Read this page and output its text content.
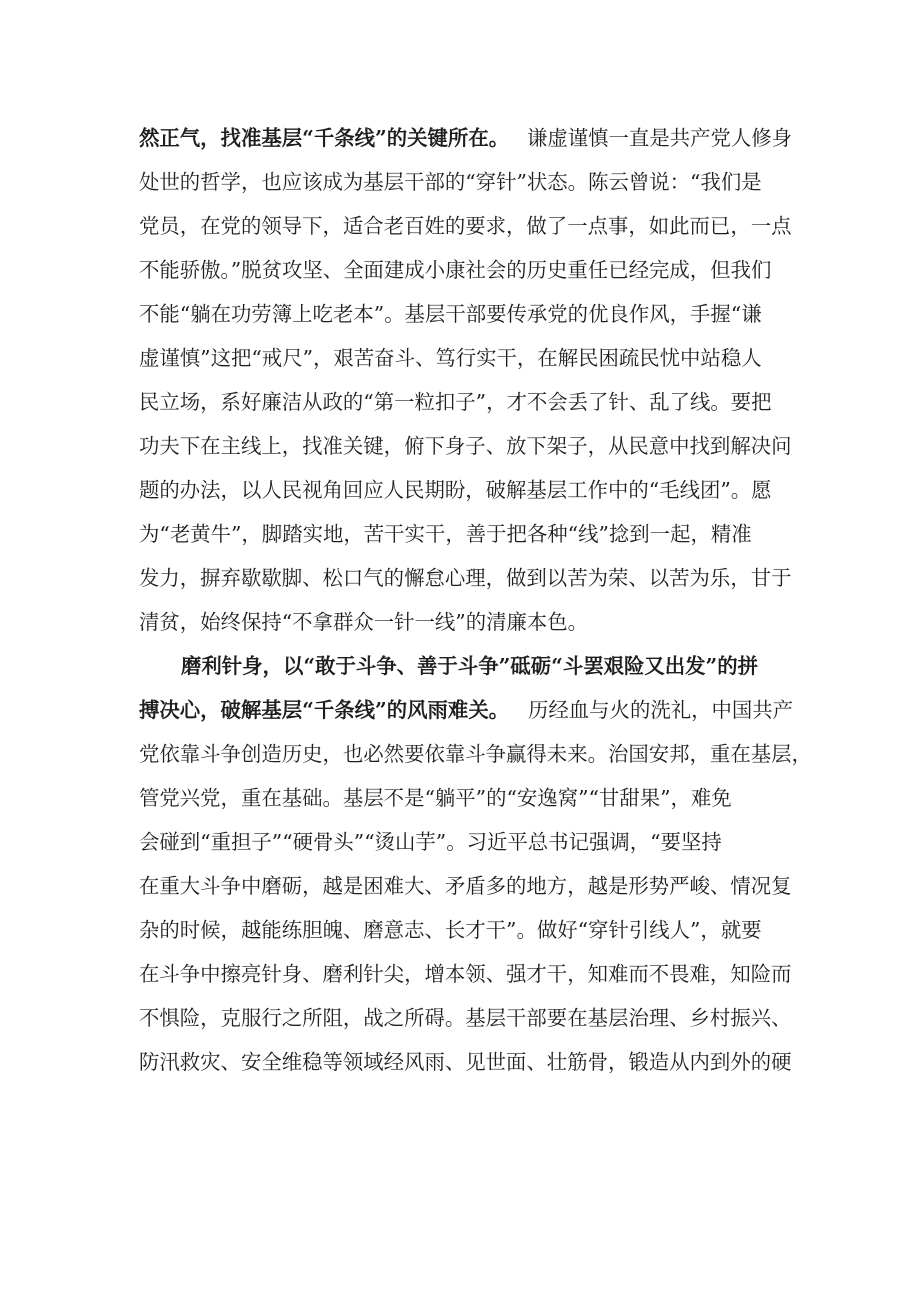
然正气，找准基层“千条线”的关键所在。 谦虚谨慎一直是共产党人修身
处世的哲学，也应该成为基层干部的“穿针”状态。陈云曾说：“我们是
党员，在党的领导下，适合老百姓的要求，做了一点事，如此而已，一点
不能骄傲。”脱贫攻坚、全面建成小康社会的历史重任已经完成，但我们
不能“躺在功劳簿上吃老本”。基层干部要传承党的优良作风，手握“谦
虚谨慎”这把“戒尺”，艰苦奋斗、笃行实干，在解民困疏民忧中站稳人
民立场，系好廉洁从政的“第一粒扣子”，才不会丢了针、乱了线。要把
功夫下在主线上，找准关键，俯下身子、放下架子，从民意中找到解决问
题的办法，以人民视角回应人民期盼，破解基层工作中的“毛线团”。愿
为“老黄牛”，脚踏实地，苦干实干，善于把各种“线”捻到一起，精准
发力，摒弃歇歇脚、松口气的懈怠心理，做到以苦为荣、以苦为乐，甘于
清贫，始终保持“不拿群众一针一线”的清廉本色。
磨利针身，以“敢于斗争、善于斗争”砥砺“斗罢艰险又出发”的拼
搏决心，破解基层“千条线”的风雨难关。 历经血与火的洗礼，中国共产
党依靠斗争创造历史，也必然要依靠斗争赢得未来。治国安邦，重在基层，
管党兴党，重在基础。基层不是“躺平”的“安逸窝”“甘甜果”，难免
会碰到“重担子”“硬骨头”“烫山芋”。习近平总书记强调，“要坚持
在重大斗争中磨砺，越是困难大、矛盾多的地方，越是形势严峻、情况复
杂的时候，越能练胆魄、磨意志、长才干”。做好“穿针引线人”，就要
在斗争中擦亮针身、磨利针尖，增本领、强才干，知难而不畏难，知险而
不惧险，克服行之所阻，战之所碍。基层干部要在基层治理、乡村振兴、
防汛救灾、安全维稳等领域经风雨、见世面、壮筋骨，锻造从内到外的硬
